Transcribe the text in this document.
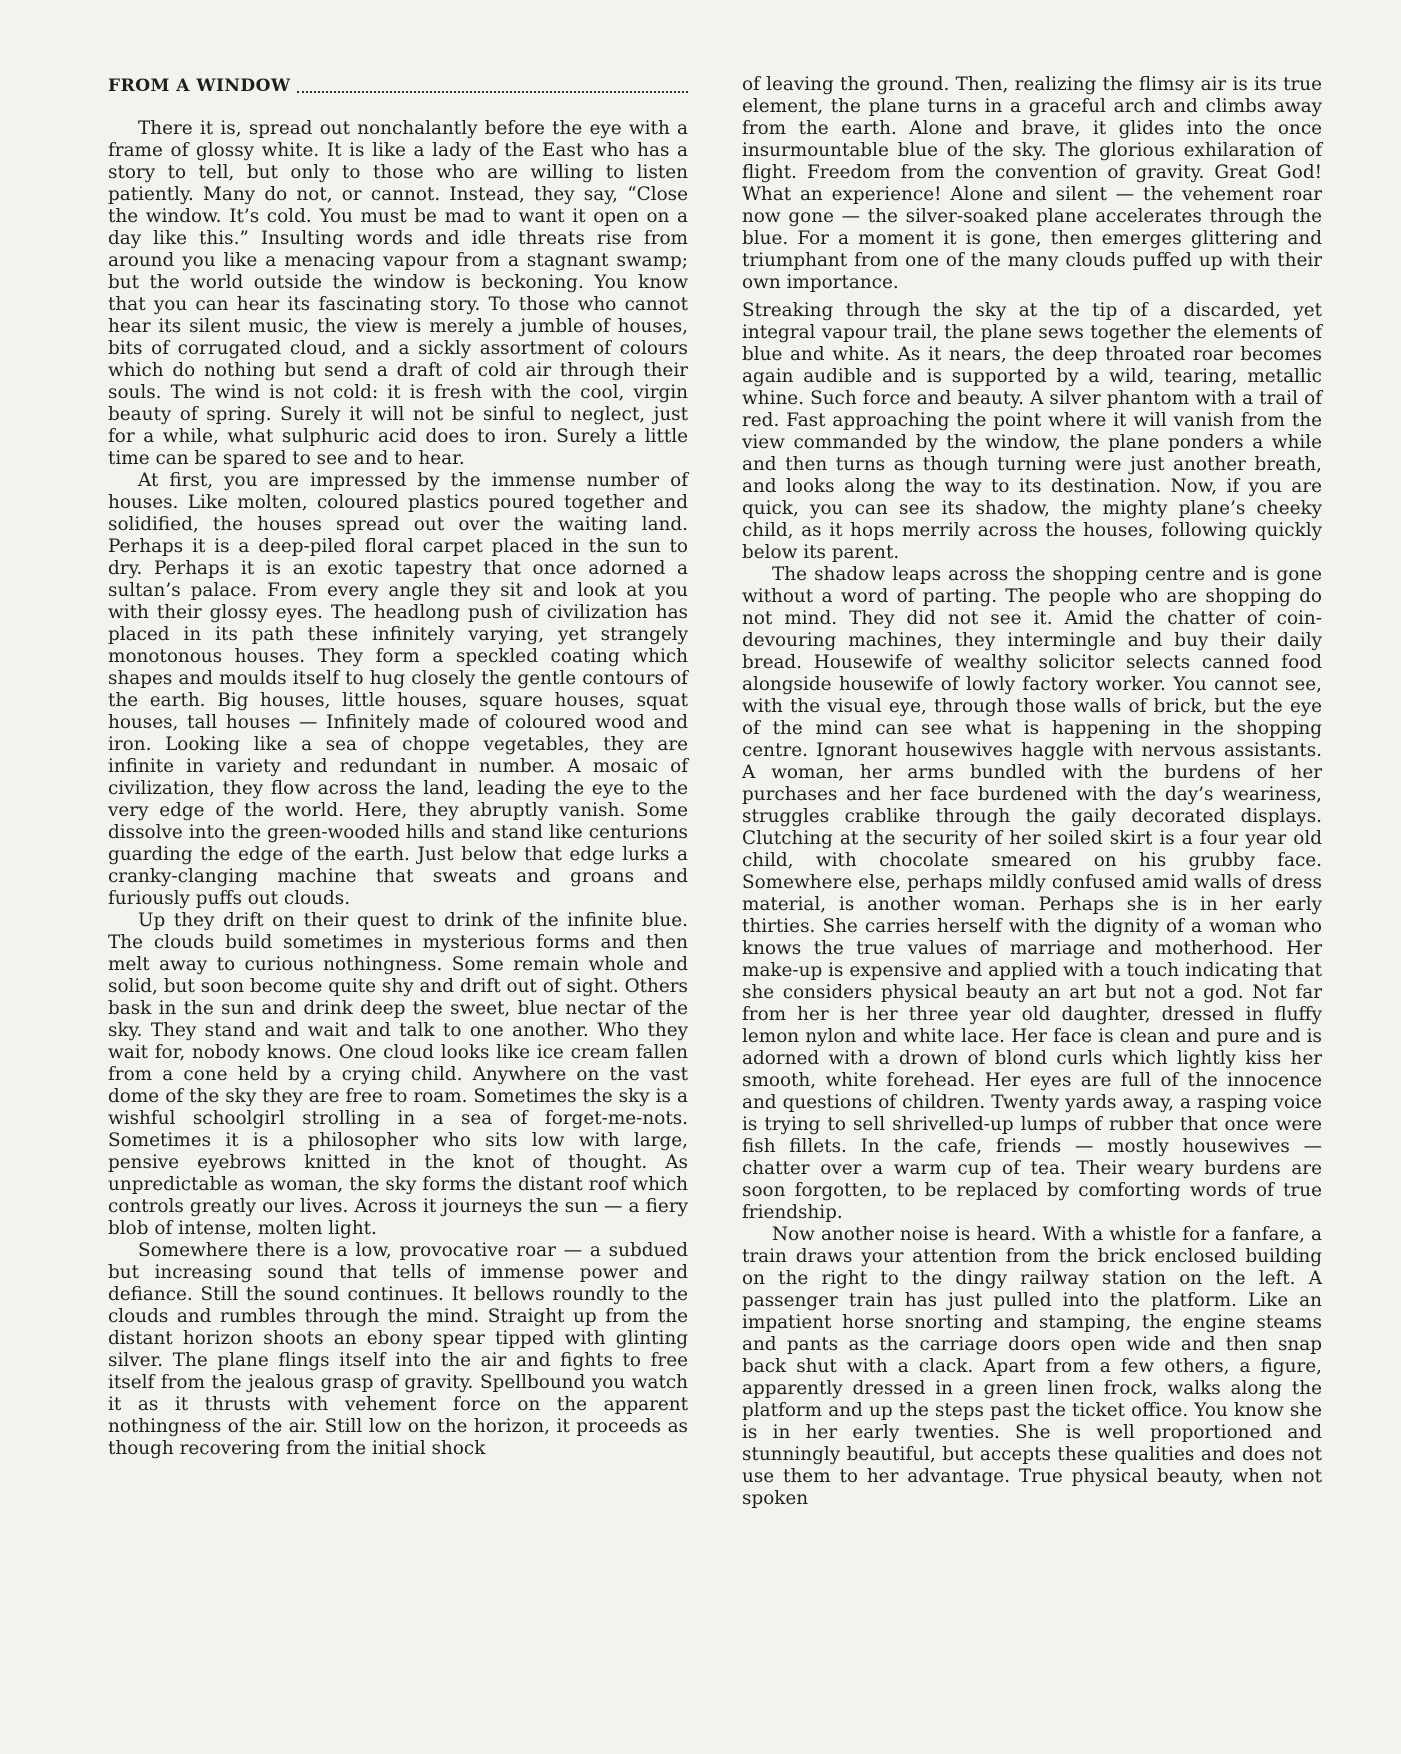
FROM A WINDOW

There it is, spread out nonchalantly before the eye with a frame of glossy white. It is like a lady of the East who has a story to tell, but only to those who are willing to listen patiently. Many do not, or cannot. Instead, they say, “Close the window. It’s cold. You must be mad to want it open on a day like this.” Insulting words and idle threats rise from around you like a menacing vapour from a stagnant swamp; but the world outside the window is beckoning. You know that you can hear its fascinating story. To those who cannot hear its silent music, the view is merely a jumble of houses, bits of corrugated cloud, and a sickly assortment of colours which do nothing but send a draft of cold air through their souls. The wind is not cold: it is fresh with the cool, virgin beauty of spring. Surely it will not be sinful to neglect, just for a while, what sulphuric acid does to iron. Surely a little time can be spared to see and to hear.

At first, you are impressed by the immense number of houses. Like molten, coloured plastics poured together and solidified, the houses spread out over the waiting land. Perhaps it is a deep-piled floral carpet placed in the sun to dry. Perhaps it is an exotic tapestry that once adorned a sultan’s palace. From every angle they sit and look at you with their glossy eyes. The headlong push of civilization has placed in its path these infinitely varying, yet strangely monotonous houses. They form a speckled coating which shapes and moulds itself to hug closely the gentle contours of the earth. Big houses, little houses, square houses, squat houses, tall houses — Infinitely made of coloured wood and iron. Looking like a sea of choppe vegetables, they are infinite in variety and redundant in number. A mosaic of civilization, they flow across the land, leading the eye to the very edge of the world. Here, they abruptly vanish. Some dissolve into the green-wooded hills and stand like centurions guarding the edge of the earth. Just below that edge lurks a cranky-clanging machine that sweats and groans and furiously puffs out clouds.

Up they drift on their quest to drink of the infinite blue. The clouds build sometimes in mysterious forms and then melt away to curious nothingness. Some remain whole and solid, but soon become quite shy and drift out of sight. Others bask in the sun and drink deep the sweet, blue nectar of the sky. They stand and wait and talk to one another. Who they wait for, nobody knows. One cloud looks like ice cream fallen from a cone held by a crying child. Anywhere on the vast dome of the sky they are free to roam. Sometimes the sky is a wishful schoolgirl strolling in a sea of forget-me-nots. Sometimes it is a philosopher who sits low with large, pensive eyebrows knitted in the knot of thought. As unpredictable as woman, the sky forms the distant roof which controls greatly our lives. Across it journeys the sun — a fiery blob of intense, molten light.

Somewhere there is a low, provocative roar — a subdued but increasing sound that tells of immense power and defiance. Still the sound continues. It bellows roundly to the clouds and rumbles through the mind. Straight up from the distant horizon shoots an ebony spear tipped with glinting silver. The plane flings itself into the air and fights to free itself from the jealous grasp of gravity. Spellbound you watch it as it thrusts with vehement force on the apparent nothingness of the air. Still low on the horizon, it proceeds as though recovering from the initial shock

of leaving the ground. Then, realizing the flimsy air is its true element, the plane turns in a graceful arch and climbs away from the earth. Alone and brave, it glides into the once insurmountable blue of the sky. The glorious exhilaration of flight. Freedom from the convention of gravity. Great God! What an experience! Alone and silent — the vehement roar now gone — the silver-soaked plane accelerates through the blue. For a moment it is gone, then emerges glittering and triumphant from one of the many clouds puffed up with their own importance.

Streaking through the sky at the tip of a discarded, yet integral vapour trail, the plane sews together the elements of blue and white. As it nears, the deep throated roar becomes again audible and is supported by a wild, tearing, metallic whine. Such force and beauty. A silver phantom with a trail of red. Fast approaching the point where it will vanish from the view commanded by the window, the plane ponders a while and then turns as though turning were just another breath, and looks along the way to its destination. Now, if you are quick, you can see its shadow, the mighty plane’s cheeky child, as it hops merrily across the houses, following quickly below its parent.

The shadow leaps across the shopping centre and is gone without a word of parting. The people who are shopping do not mind. They did not see it. Amid the chatter of coin-devouring machines, they intermingle and buy their daily bread. Housewife of wealthy solicitor selects canned food alongside housewife of lowly factory worker. You cannot see, with the visual eye, through those walls of brick, but the eye of the mind can see what is happening in the shopping centre. Ignorant housewives haggle with nervous assistants. A woman, her arms bundled with the burdens of her purchases and her face burdened with the day’s weariness, struggles crablike through the gaily decorated displays. Clutching at the security of her soiled skirt is a four year old child, with chocolate smeared on his grubby face. Somewhere else, perhaps mildly confused amid walls of dress material, is another woman. Perhaps she is in her early thirties. She carries herself with the dignity of a woman who knows the true values of marriage and motherhood. Her make-up is expensive and applied with a touch indicating that she considers physical beauty an art but not a god. Not far from her is her three year old daughter, dressed in fluffy lemon nylon and white lace. Her face is clean and pure and is adorned with a drown of blond curls which lightly kiss her smooth, white forehead. Her eyes are full of the innocence and questions of children. Twenty yards away, a rasping voice is trying to sell shrivelled-up lumps of rubber that once were fish fillets. In the cafe, friends — mostly housewives — chatter over a warm cup of tea. Their weary burdens are soon forgotten, to be replaced by comforting words of true friendship.

Now another noise is heard. With a whistle for a fanfare, a train draws your attention from the brick enclosed building on the right to the dingy railway station on the left. A passenger train has just pulled into the platform. Like an impatient horse snorting and stamping, the engine steams and pants as the carriage doors open wide and then snap back shut with a clack. Apart from a few others, a figure, apparently dressed in a green linen frock, walks along the platform and up the steps past the ticket office. You know she is in her early twenties. She is well proportioned and stunningly beautiful, but accepts these qualities and does not use them to her advantage. True physical beauty, when not spoken
